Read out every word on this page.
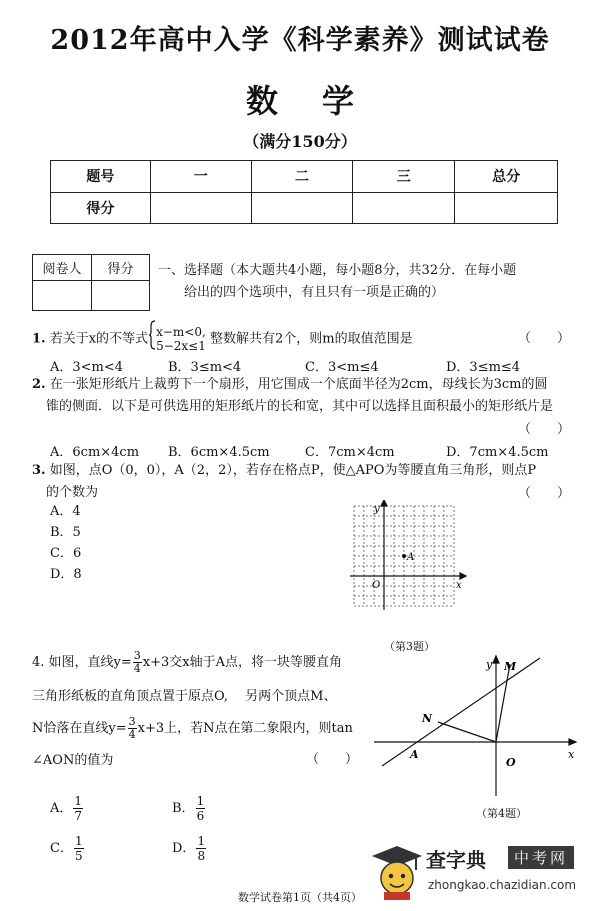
2012年高中入学《科学素养》测试试卷
数学
（满分150分）
题号	一	二	三	总分
得分				
阅卷人	得分
	一、选择题（本大题共4小题，每小题8分，共32分．在每小题
给出的四个选项中，有且只有一项是正确的）
1. 若关于x的不等式 x−m<0,
5−2x≤1 整数解共有2个，则m的取值范围是	（　　）
A．3<m<4	B．3≤m<4	C．3<m≤4	D．3≤m≤4
2. 在一张矩形纸片上裁剪下一个扇形，用它围成一个底面半径为2cm，母线长为3cm的圆
锥的侧面．以下是可供选用的矩形纸片的长和宽，其中可以选择且面积最小的矩形纸片是
（　　）
A．6cm×4cm B．6cm×4.5cm	C．7cm×4cm	D．7cm×4.5cm
3. 如图，点O（0，0），A（2，2），若存在格点P，使△APO为等腰直角三角形，则点P
的个数为	（　　）
A．4
B．5
C．6
D．8
y
x
O
A
（第3题）
4. 如图，直线$y= \frac{3}{4} x+3$交x轴于A点，将一块等腰直角
三角形纸板的直角顶点置于原点O,　 另两个顶点M、
N恰落在直线$y= \frac{3}{4} x+3$上，若N点在第二象限内，则tan
∠AON的值为	（　　）
A． $\frac{1}{7}$	B． $\frac{1}{6}$
C． $\frac{1}{5}$	D． $\frac{1}{8}$
y
x
O
A
N
M
（第4题）
数学试卷第1页（共4页）
查字典	中考网
zhongkao.chazidian.com
